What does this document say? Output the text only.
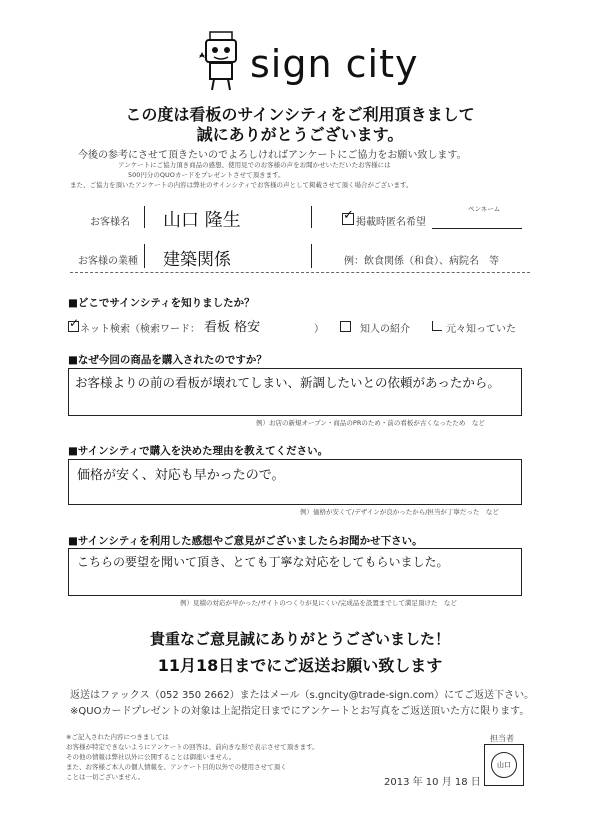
sign city
この度は看板のサインシティをご利用頂きまして
誠にありがとうございます。
今後の参考にさせて頂きたいのでよろしければアンケートにご協力をお願い致します。
アンケートにご協力頂き商品の感想、使用見でのお客様の声をお聞かせいただいたお客様には
500円分のQUOカードをプレゼントさせて頂きます。
また、ご協力を頂いたアンケートの内容は弊社のサインシティでお客様の声として掲載させて頂く場合がございます。
お客様名 山口 隆生	✓ 掲載時匿名希望
ペンネーム
お客様の業種 建築関係	例：飲食関係（和食）、病院名　等
■どこでサインシティを知りましたか？
✓ ネット検索（検索ワード： 看板 格安	）	知人の紹介	元々知っていた
■なぜ今回の商品を購入されたのですか？
お客様よりの前の看板が壊れてしまい、新調したいとの依頼があったから。
例）お店の新規オープン・商品のPRのため・前の看板が古くなったため　など
■サインシティで購入を決めた理由を教えてください。
価格が安く、対応も早かったので。
例）価格が安くて/デザインが良かったから/担当が丁寧だった　など
■サインシティを利用した感想やご意見がございましたらお聞かせ下さい。
こちらの要望を聞いて頂き、とても丁寧な対応をしてもらいました。
例）見積の対応が早かった/サイトのつくりが見にくい/完成品を設置までして満足頂けた　など
貴重なご意見誠にありがとうございました！
11月18日までにご返送お願い致します
返送はファックス（052 350 2662）またはメール（s.gncity@trade-sign.com）にてご返送下さい。
※QUOカードプレゼントの対象は上記指定日までにアンケートとお写真をご返送頂いた方に限ります。
※ご記入された内容につきましては
お客様が特定できないようにアンケートの回答は、前向きな形で表示させて頂きます。
その他の情報は弊社以外に公開することは御座いません。
また、お客様ご本人の個人情報を、アンケート目的以外での使用させて頂く
ことは一切ございません。
担当者
山口
2013 年 10 月 18 日
